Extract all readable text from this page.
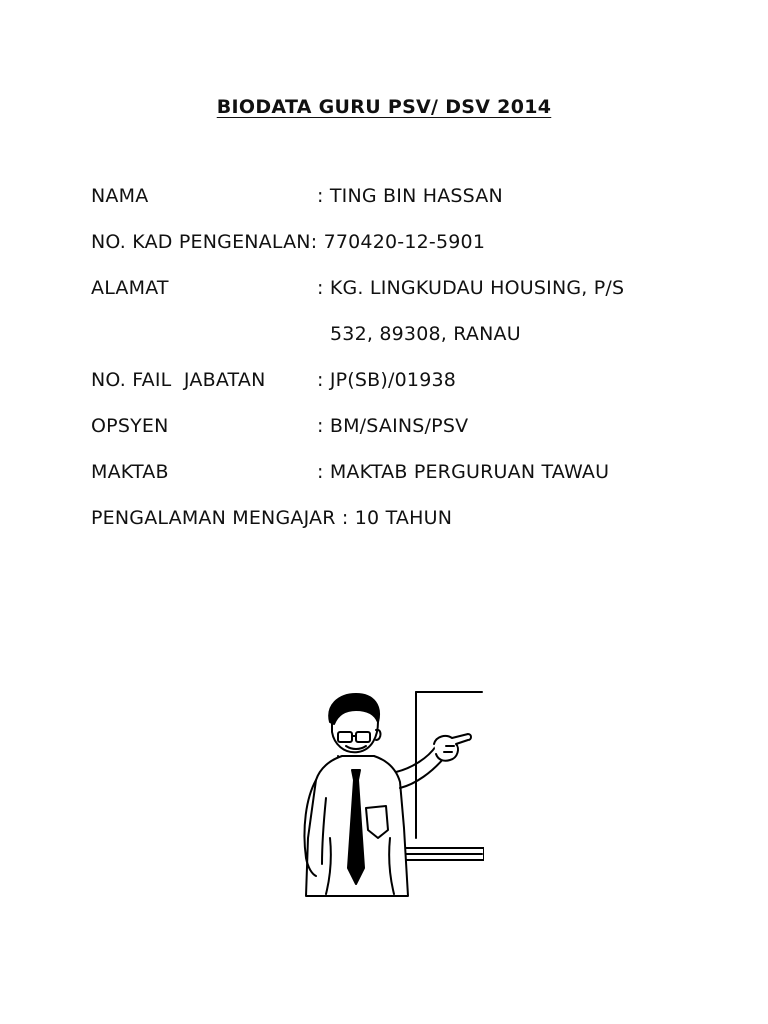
BIODATA GURU PSV/ DSV 2014
NAMA	: TING BIN HASSAN
NO. KAD PENGENALAN: 770420-12-5901
ALAMAT	: KG. LINGKUDAU HOUSING, P/S
532, 89308, RANAU
NO. FAIL  JABATAN	: JP(SB)/01938
OPSYEN	: BM/SAINS/PSV
MAKTAB	: MAKTAB PERGURUAN TAWAU
PENGALAMAN MENGAJAR : 10 TAHUN
